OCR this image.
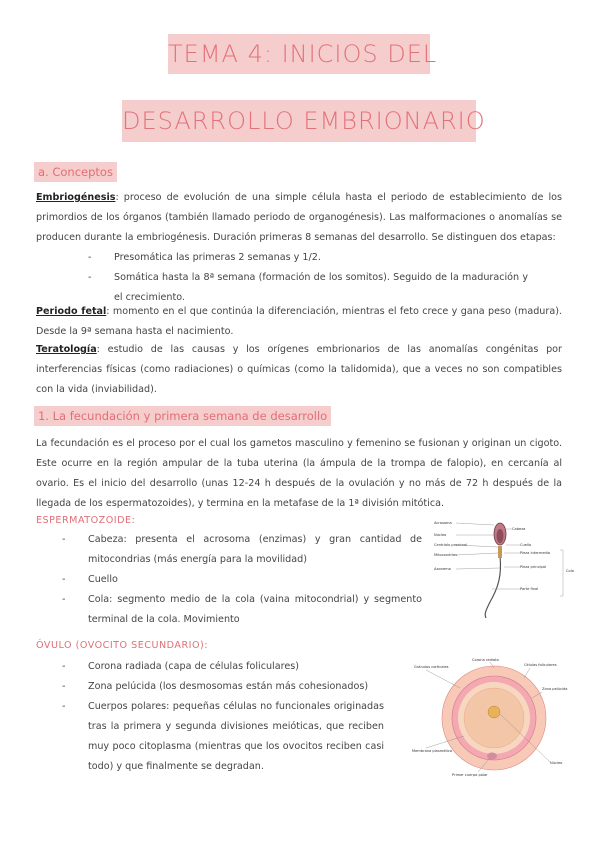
TEMA 4: INICIOS DEL
DESARROLLO EMBRIONARIO
a. Conceptos
Embriogénesis: proceso de evolución de una simple célula hasta el periodo de establecimiento de los primordios de los órganos (también llamado periodo de organogénesis). Las malformaciones o anomalías se producen durante la embriogénesis. Duración primeras 8 semanas del desarrollo. Se distinguen dos etapas:
- Presomática las primeras 2 semanas y 1/2.
- Somática hasta la 8ª semana (formación de los somitos). Seguido de la maduración y el crecimiento.
Periodo fetal: momento en el que continúa la diferenciación, mientras el feto crece y gana peso (madura). Desde la 9ª semana hasta el nacimiento.
Teratología: estudio de las causas y los orígenes embrionarios de las anomalías congénitas por interferencias físicas (como radiaciones) o químicas (como la talidomida), que a veces no son compatibles con la vida (inviabilidad).
1. La fecundación y primera semana de desarrollo
La fecundación es el proceso por el cual los gametos masculino y femenino se fusionan y originan un cigoto. Este ocurre en la región ampular de la tuba uterina (la ámpula de la trompa de falopio), en cercanía al ovario. Es el inicio del desarrollo (unas 12-24 h después de la ovulación y no más de 72 h después de la llegada de los espermatozoides), y termina en la metafase de la 1ª división mitótica.
ESPERMATOZOIDE:
- Cabeza: presenta el acrosoma (enzimas) y gran cantidad de mitocondrias (más energía para la movilidad)
- Cuello
- Cola: segmento medio de la cola (vaina mitocondrial) y segmento terminal de la cola. Movimiento
Acrosoma
Núcleo
Centríolo proximal
Mitocondrias
Axonema
Cabeza
Cuello
Pieza intermedia
Pieza principal
Parte final
Cola
ÓVULO (OVOCITO SECUNDARIO):
- Corona radiada (capa de células foliculares)
- Zona pelúcida (los desmosomas están más cohesionados)
- Cuerpos polares: pequeñas células no funcionales originadas tras la primera y segunda divisiones meióticas, que reciben muy poco citoplasma (mientras que los ovocitos reciben casi todo) y que finalmente se degradan.
Corona radiata
Células foliculares
Gránulos corticales
Zona pelúcida
Membrana plasmática
Primer cuerpo polar
Núcleo
